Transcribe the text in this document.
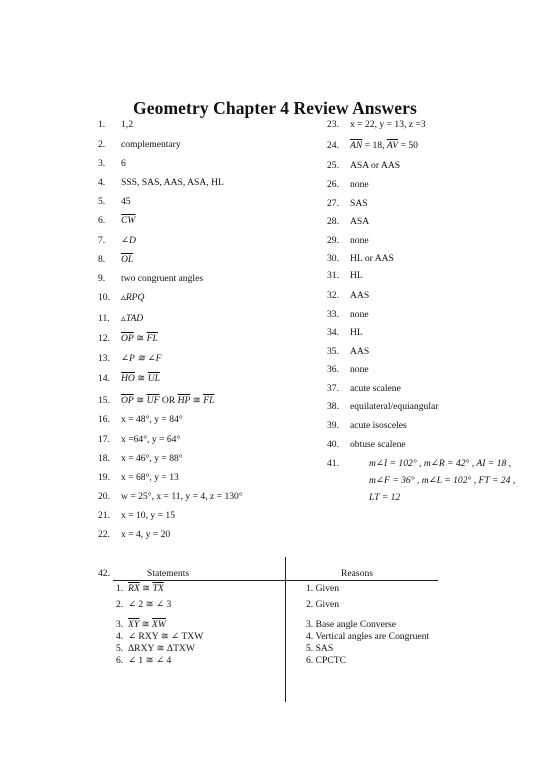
Geometry Chapter 4 Review Answers
1. 1,2
2. complementary
3. 6
4. SSS, SAS, AAS, ASA, HL
5. 45
6. $\overline{CW}$
7. ∠D
8. $\overline{OL}$
9. two congruent angles
10. ▵RPQ
11. ▵TAD
12. $\overline{OP}$ ≅ $\overline{FL}$
13. ∠P ≅ ∠F
14. $\overline{HO}$ ≅ $\overline{UL}$
15. $\overline{OP}$ ≅ $\overline{UF}$ OR $\overline{HP}$ ≅ $\overline{FL}$
16. x = 48°, y = 84°
17. x =64°, y = 64°
18. x = 46°, y = 88°
19. x = 68°, y = 13
20. w = 25°, x = 11, y = 4, z = 130°
21. x = 10, y = 15
22. x = 4, y = 20
23. x = 22, y = 13, z =3
24. $\overline{AN} = 18$, $\overline{AV} = 50$
25. ASA or AAS
26. none
27. SAS
28. ASA
29. none
30. HL or AAS
31. HL
32. AAS
33. none
34. HL
35. AAS
36. none
37. acute scalene
38. equilateral/equiangular
39. acute isosceles
40. obtuse scalene
41.	m∠I = 102° , m∠R = 42° , AI = 18 ,
m∠F = 36° , m∠L = 102° , FT = 24 ,
LT = 12
42.	Statements	Reasons
1. $\overline{RX}$ ≅ $\overline{TX}$	1. Given
2. ∠ 2 ≅ ∠ 3	2. Given
3. $\overline{XY}$ ≅ $\overline{XW}$	3. Base angle Converse
4. ∠ RXY ≅ ∠ TXW	4. Vertical angles are Congruent
5. ΔRXY ≅ ΔTXW	5. SAS
6. ∠ 1 ≅ ∠ 4	6. CPCTC
